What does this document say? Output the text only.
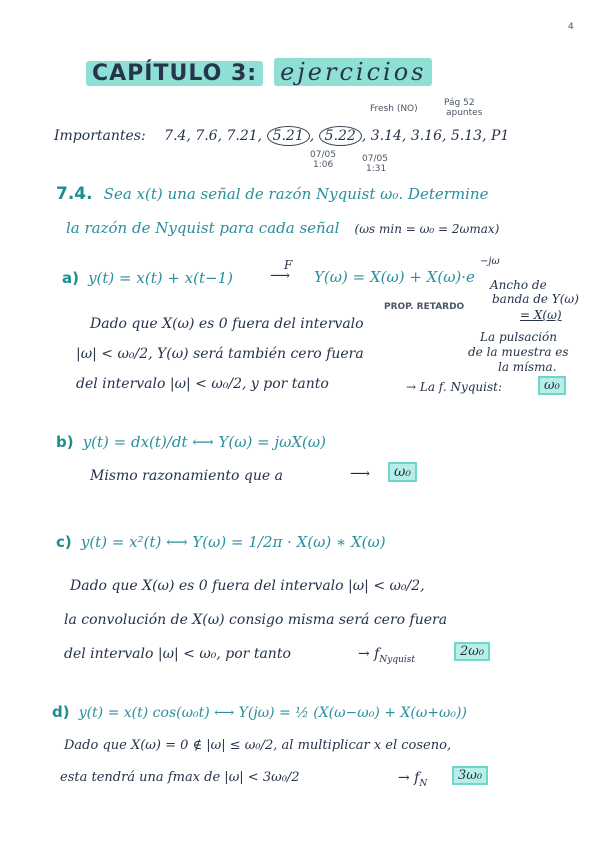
4
CAPÍTULO 3: ejercicios
Fresh (NO)
Pág 52
apuntes
Importantes: 7.4, 7.6, 7.21, 5.21 , 5.22 , 3.14, 3.16, 5.13, P1
07/05
1:06
07/05
1:31
7.4. Sea x(t) una señal de razón Nyquist ω₀. Determine
la razón de Nyquist para cada señal (ωs min = ω₀ = 2ωmax)
a) y(t) = x(t) + x(t−1)
F
⟶ Y(ω) = X(ω) + X(ω)·e
−jω
PROP. RETARDO
Ancho de
banda de Y(ω)
= X(ω)
La pulsación
de la muestra es
la mísma.
Dado que X(ω) es 0 fuera del intervalo
|ω| < ω₀/2, Y(ω) será también cero fuera
del intervalo |ω| < ω₀/2, y por tanto	→ La f. Nyquist:	ω₀
b) y(t) = dx(t)/dt ⟷ Y(ω) = jωX(ω)
Mismo razonamiento que a	⟶	ω₀
c) y(t) = x²(t) ⟷ Y(ω) = 1/2π · X(ω) ∗ X(ω)
Dado que X(ω) es 0 fuera del intervalo |ω| < ω₀/2,
la convolución de X(ω) consigo misma será cero fuera
del intervalo |ω| < ω₀, por tanto	→ $f_{Nyquist}$
2ω₀
d) y(t) = x(t) cos(ω₀t) ⟷ Y(jω) = ½ (X(ω−ω₀) + X(ω+ω₀))
Dado que X(ω) = 0 ∉ |ω| ≤ ω₀/2, al multiplicar x el coseno,
esta tendrá una fmax de |ω| < 3ω₀/2	→ $f_N$
3ω₀
